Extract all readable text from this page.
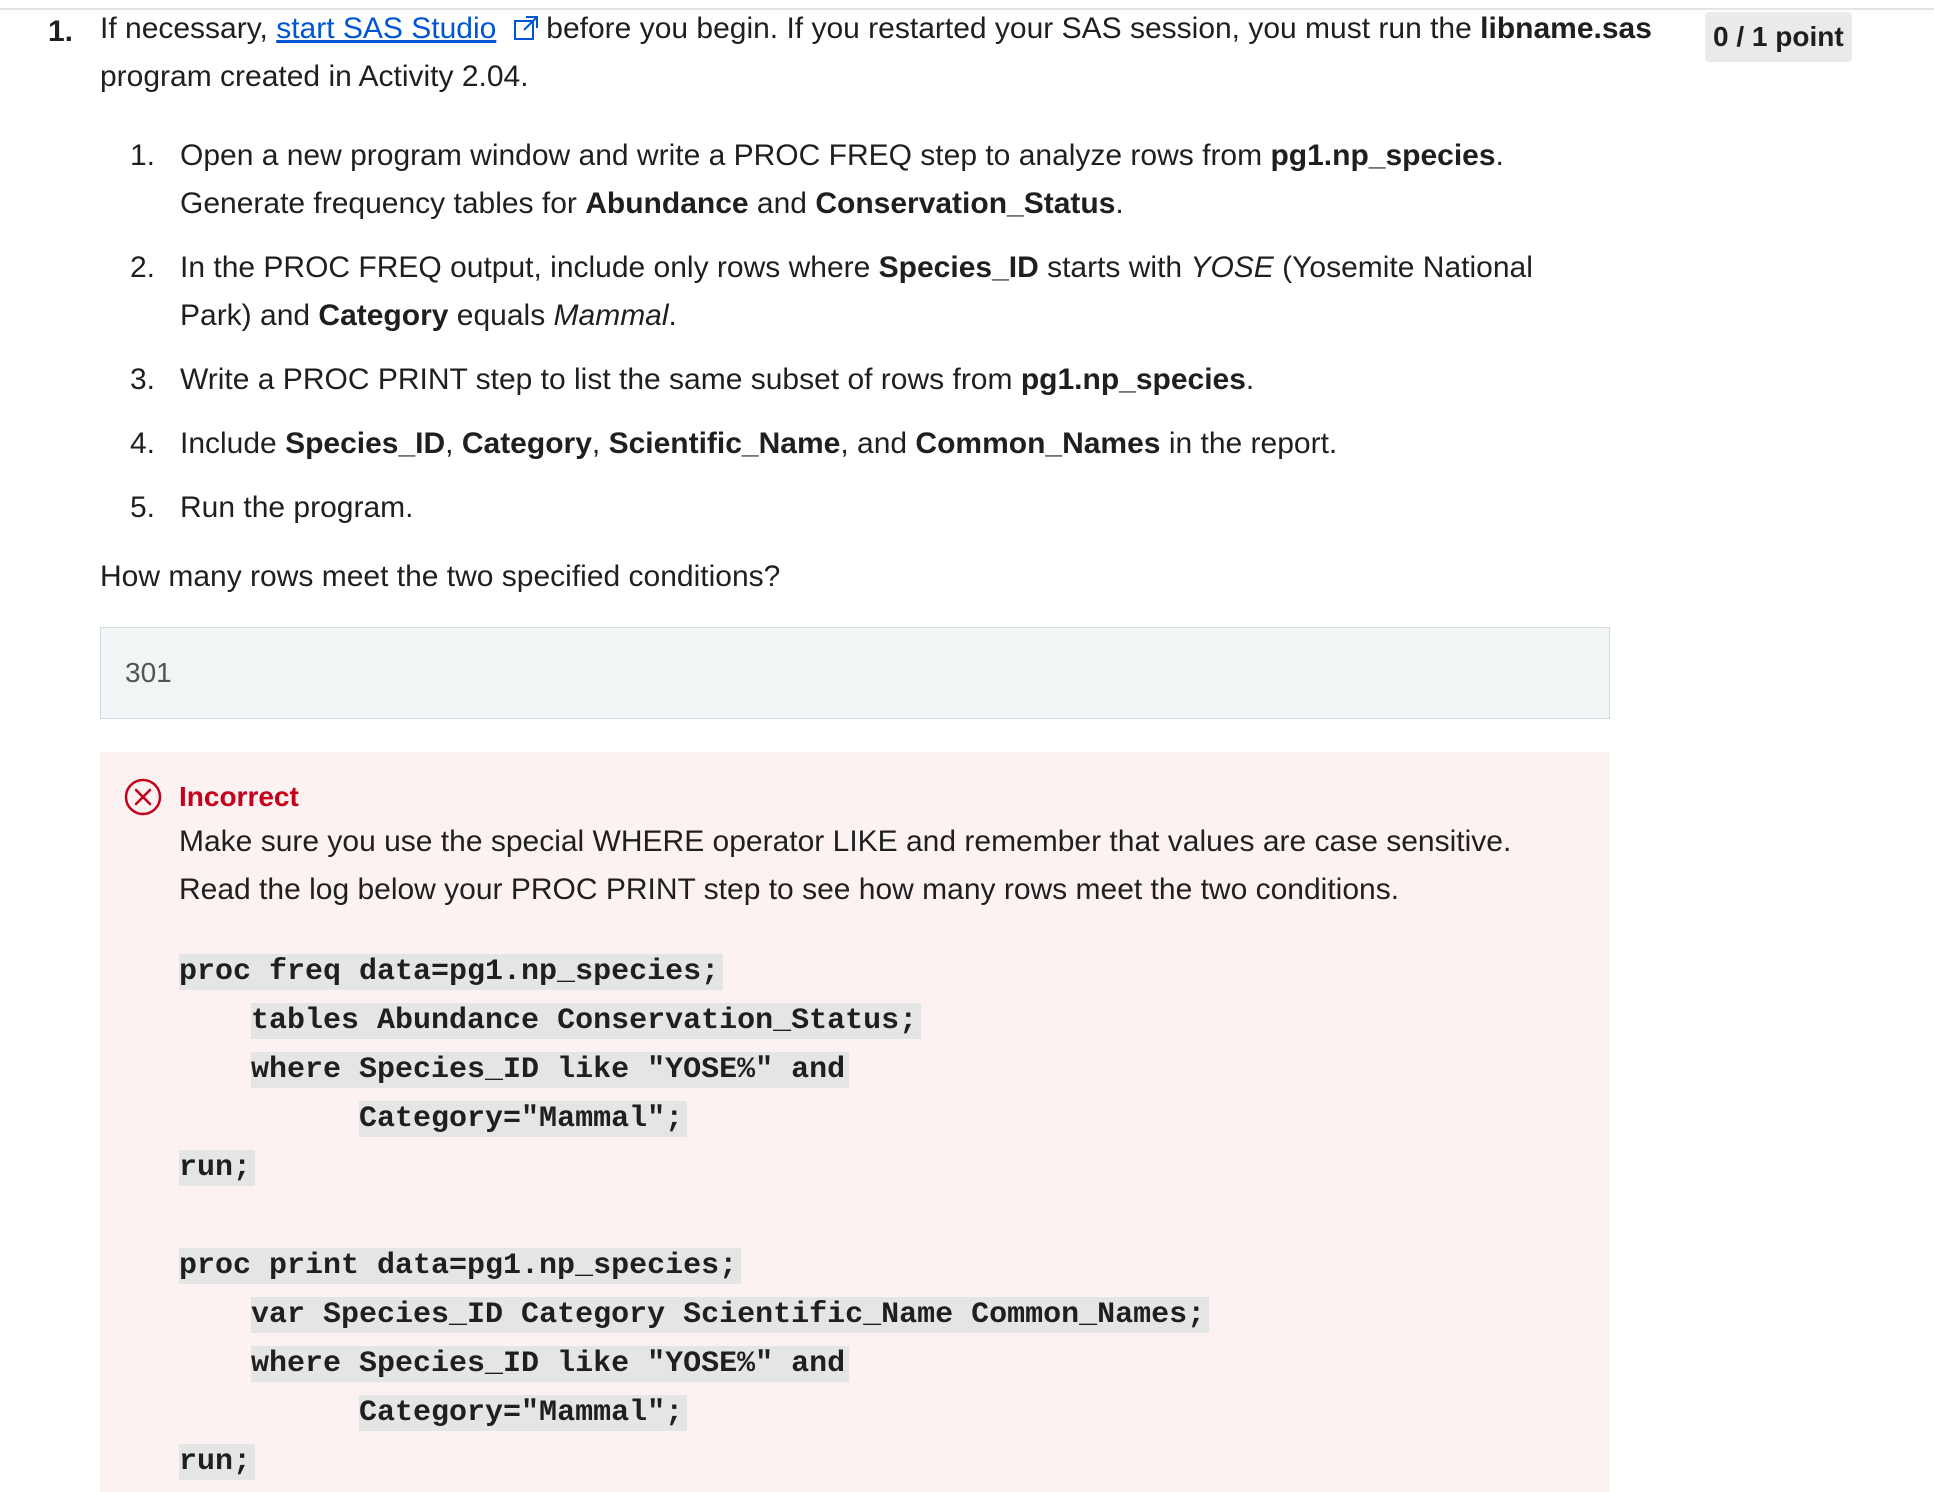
1.	0 / 1 point
If necessary, start SAS Studio before you begin. If you restarted your SAS session, you must run the libname.sas program created in Activity 2.04.
1. Open a new program window and write a PROC FREQ step to analyze rows from pg1.np_species. Generate frequency tables for Abundance and Conservation_Status.
2. In the PROC FREQ output, include only rows where Species_ID starts with YOSE (Yosemite National Park) and Category equals Mammal.
3. Write a PROC PRINT step to list the same subset of rows from pg1.np_species.
4. Include Species_ID, Category, Scientific_Name, and Common_Names in the report.
5. Run the program.
How many rows meet the two specified conditions?
301
Incorrect
Make sure you use the special WHERE operator LIKE and remember that values are case sensitive. Read the log below your PROC PRINT step to see how many rows meet the two conditions.
proc freq data=pg1.np_species;
tables Abundance Conservation_Status;
where Species_ID like "YOSE%" and
Category="Mammal";
run;
proc print data=pg1.np_species;
var Species_ID Category Scientific_Name Common_Names;
where Species_ID like "YOSE%" and
Category="Mammal";
run;
